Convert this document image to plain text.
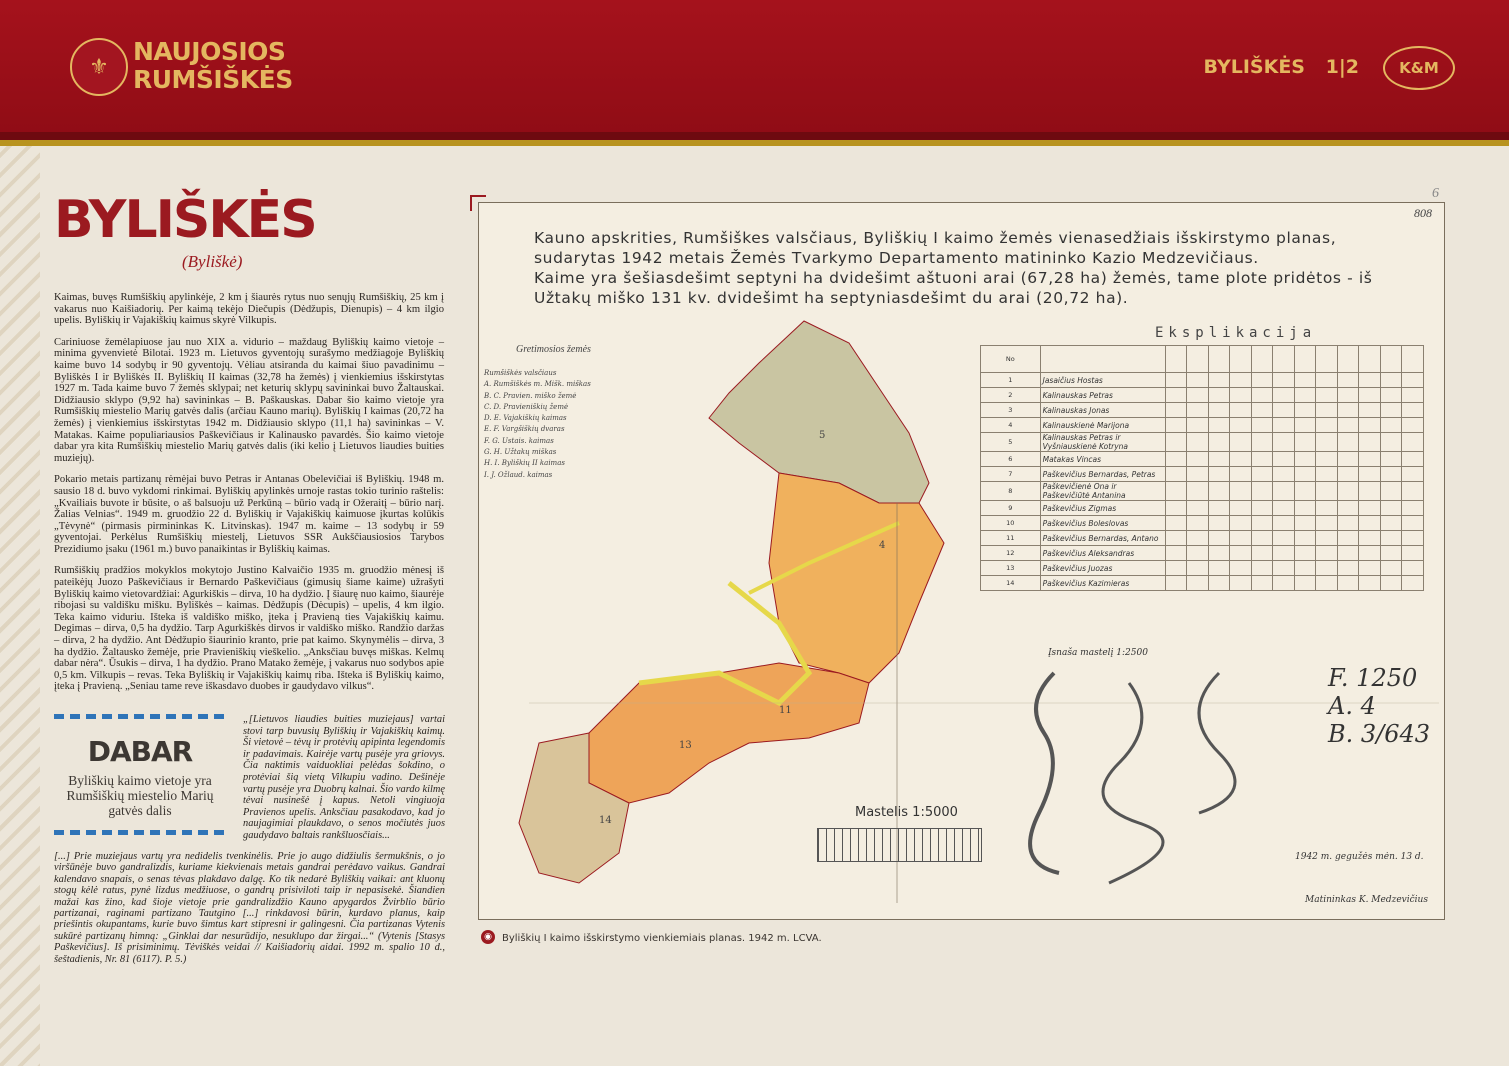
⚜
NAUJOSIOS
RUMŠIŠKĖS	BYLIŠKĖS 1|2	K&M
BYLIŠKĖS
(Byliškė)

Kaimas, buvęs Rumšiškių apylinkėje, 2 km į šiaurės rytus nuo senųjų Rumšiškių, 25 km į vakarus nuo Kaišiadorių. Per kaimą tekėjo Diečupis (Dėdžupis, Dienupis) – 4 km ilgio upelis. Byliškių ir Vajakiškių kaimus skyrė Vilkupis.

Cariniuose žemėlapiuose jau nuo XIX a. vidurio – maždaug Byliškių kaimo vietoje – minima gyvenvietė Bilotai. 1923 m. Lietuvos gyventojų surašymo medžiagoje Byliškių kaime buvo 14 sodybų ir 90 gyventojų. Vėliau atsiranda du kaimai šiuo pavadinimu – Byliškės I ir Byliškės II. Byliškių II kaimas (32,78 ha žemės) į vienkiemius išskirstytas 1927 m. Tada kaime buvo 7 žemės sklypai; net keturių sklypų savininkai buvo Žaltauskai. Didžiausio sklypo (9,92 ha) savininkas – B. Paškauskas. Dabar šio kaimo vietoje yra Rumšiškių miestelio Marių gatvės dalis (arčiau Kauno marių). Byliškių I kaimas (20,72 ha žemės) į vienkiemius išskirstytas 1942 m. Didžiausio sklypo (11,1 ha) savininkas – V. Matakas. Kaime populiariausios Paškevičiaus ir Kalinausko pavardės. Šio kaimo vietoje dabar yra kita Rumšiškių miestelio Marių gatvės dalis (iki kelio į Lietuvos liaudies buities muziejų).

Pokario metais partizanų rėmėjai buvo Petras ir Antanas Obelevičiai iš Byliškių. 1948 m. sausio 18 d. buvo vykdomi rinkimai. Byliškių apylinkės urnoje rastas tokio turinio raštelis: „Kvailiais buvote ir būsite, o aš balsuoju už Perkūną – būrio vadą ir Ožeraitį – būrio narį. Žalias Velnias“. 1949 m. gruodžio 22 d. Byliškių ir Vajakiškių kaimuose įkurtas kolūkis „Tėvynė“ (pirmasis pirmininkas K. Litvinskas). 1947 m. kaime – 13 sodybų ir 59 gyventojai. Perkėlus Rumšiškių miestelį, Lietuvos SSR Aukščiausiosios Tarybos Prezidiumo įsaku (1961 m.) buvo panaikintas ir Byliškių kaimas.

Rumšiškių pradžios mokyklos mokytojo Justino Kalvaičio 1935 m. gruodžio mėnesį iš pateikėjų Juozo Paškevičiaus ir Bernardo Paškevičiaus (gimusių šiame kaime) užrašyti Byliškių kaimo vietovardžiai: Agurkiškis – dirva, 10 ha dydžio. Į šiaurę nuo kaimo, šiaurėje ribojasi su valdišku mišku. Byliškės – kaimas. Dėdžupis (Dėcupis) – upelis, 4 km ilgio. Teka kaimo viduriu. Išteka iš valdiško miško, įteka į Pravieną ties Vajakiškių kaimu. Degimas – dirva, 0,5 ha dydžio. Tarp Agurkiškės dirvos ir valdiško miško. Randžio daržas – dirva, 2 ha dydžio. Ant Dėdžupio šiaurinio kranto, prie pat kaimo. Skynymėlis – dirva, 3 ha dydžio. Žaltausko žemėje, prie Pravieniškių vieškelio. „Anksčiau buvęs miškas. Kelmų dabar nėra“. Ūsukis – dirva, 1 ha dydžio. Prano Matako žemėje, į vakarus nuo sodybos apie 0,5 km. Vilkupis – revas. Teka Byliškių ir Vajakiškių kaimų riba. Išteka iš Byliškių kaimo, įteka į Pravieną. „Seniau tame reve iškasdavo duobes ir gaudydavo vilkus“.

DABAR
Byliškių kaimo vietoje yra Rumšiškių miestelio Marių gatvės dalis
„[Lietuvos liaudies buities muziejaus] vartai stovi tarp buvusių Byliškių ir Vajakiškių kaimų. Ši vietovė – tėvų ir protėvių apipinta legendomis ir padavimais. Kairėje vartų pusėje yra griovys. Čia naktimis vaiduokliai pelėdas šokdino, o protėviai šią vietą Vilkupiu vadino. Dešinėje vartų pusėje yra Duobrų kalnai. Šio vardo kilmę tėvai nusinešė į kapus. Netoli vingiuoja Pravienos upelis. Anksčiau pasakodavo, kad jo naujagimiai plaukdavo, o senos močiutės juos gaudydavo baltais rankšluosčiais...
[...] Prie muziejaus vartų yra nedidelis tvenkinėlis. Prie jo augo didžiulis šermukšnis, o jo viršūnėje buvo gandralizdis, kuriame kiekvienais metais gandrai perėdavo vaikus. Gandrai kalendavo snapais, o senas tėvas plakdavo dalgę. Ko tik nedarė Byliškių vaikai: ant kluonų stogų kėlė ratus, pynė lizdus medžiuose, o gandrų prisiviloti taip ir nepasisekė. Šiandien mažai kas žino, kad šioje vietoje prie gandralizdžio Kauno apygardos Žvirblio būrio partizanai, raginami partizano Tautgino [...] rinkdavosi būrin, kurdavo planus, kaip priešintis okupantams, kurie buvo šimtus kart stipresni ir galingesni. Čia partizanas Vytenis sukūrė partizanų himną: „Ginklai dar nesurūdijo, nesuklupo dar žirgai...“ (Vytenis [Stasys Paškevičius]. Iš prisiminimų. Tėviškės veidai // Kaišiadorių aidai. 1992 m. spalio 10 d., šeštadienis, Nr. 81 (6117). P. 5.)
5
4
11
13
14
6
808
Kauno apskrities, Rumšiškes valsčiaus, Byliškių I kaimo žemės vienasedžiais išskirstymo planas, sudarytas 1942 metais Žemės Tvarkymo Departamento matininko Kazio Medzevičiaus.
Kaime yra šešiasdešimt septyni ha dvidešimt aštuoni arai (67,28 ha) žemės, tame plote pridėtos - iš Užtakų miško 131 kv. dvidešimt ha septyniasdešimt du arai (20,72 ha).
Gretimosios žemės
Rumšiškės valsčiaus
A. Rumšiškės m. Mišk. miškas
B. C. Pravien. miško žemė
C. D. Pravieniškių žemė
D. E. Vajakiškių kaimas
E. F. Vargšiškių dvaras
F. G. Ustais. kaimas
G. H. Užtakų miškas
H. I. Byliškių II kaimas
I. J. Ožlaud. kaimas
Eksplikacija
No													
1	Jasaičius Hostas												
2	Kalinauskas Petras												
3	Kalinauskas Jonas												
4	Kalinauskienė Marijona												
5	Kalinauskas Petras ir Vyšniauskienė Kotryna												
6	Matakas Vincas												
7	Paškevičius Bernardas, Petras												
8	Paškevičienė Ona ir Paškevičiūtė Antanina												
9	Paškevičius Zigmas												
10	Paškevičius Boleslovas												
11	Paškevičius Bernardas, Antano												
12	Paškevičius Aleksandras												
13	Paškevičius Juozas												
14	Paškevičius Kazimieras												
Mastelis 1:5000
F. 1250
A. 4
B. 3/643
Įsnaša mastelį 1:2500
1942 m. gegužės mėn. 13 d.
Matininkas K. Medzevičius
◉	Byliškių I kaimo išskirstymo vienkiemiais planas. 1942 m. LCVA.
